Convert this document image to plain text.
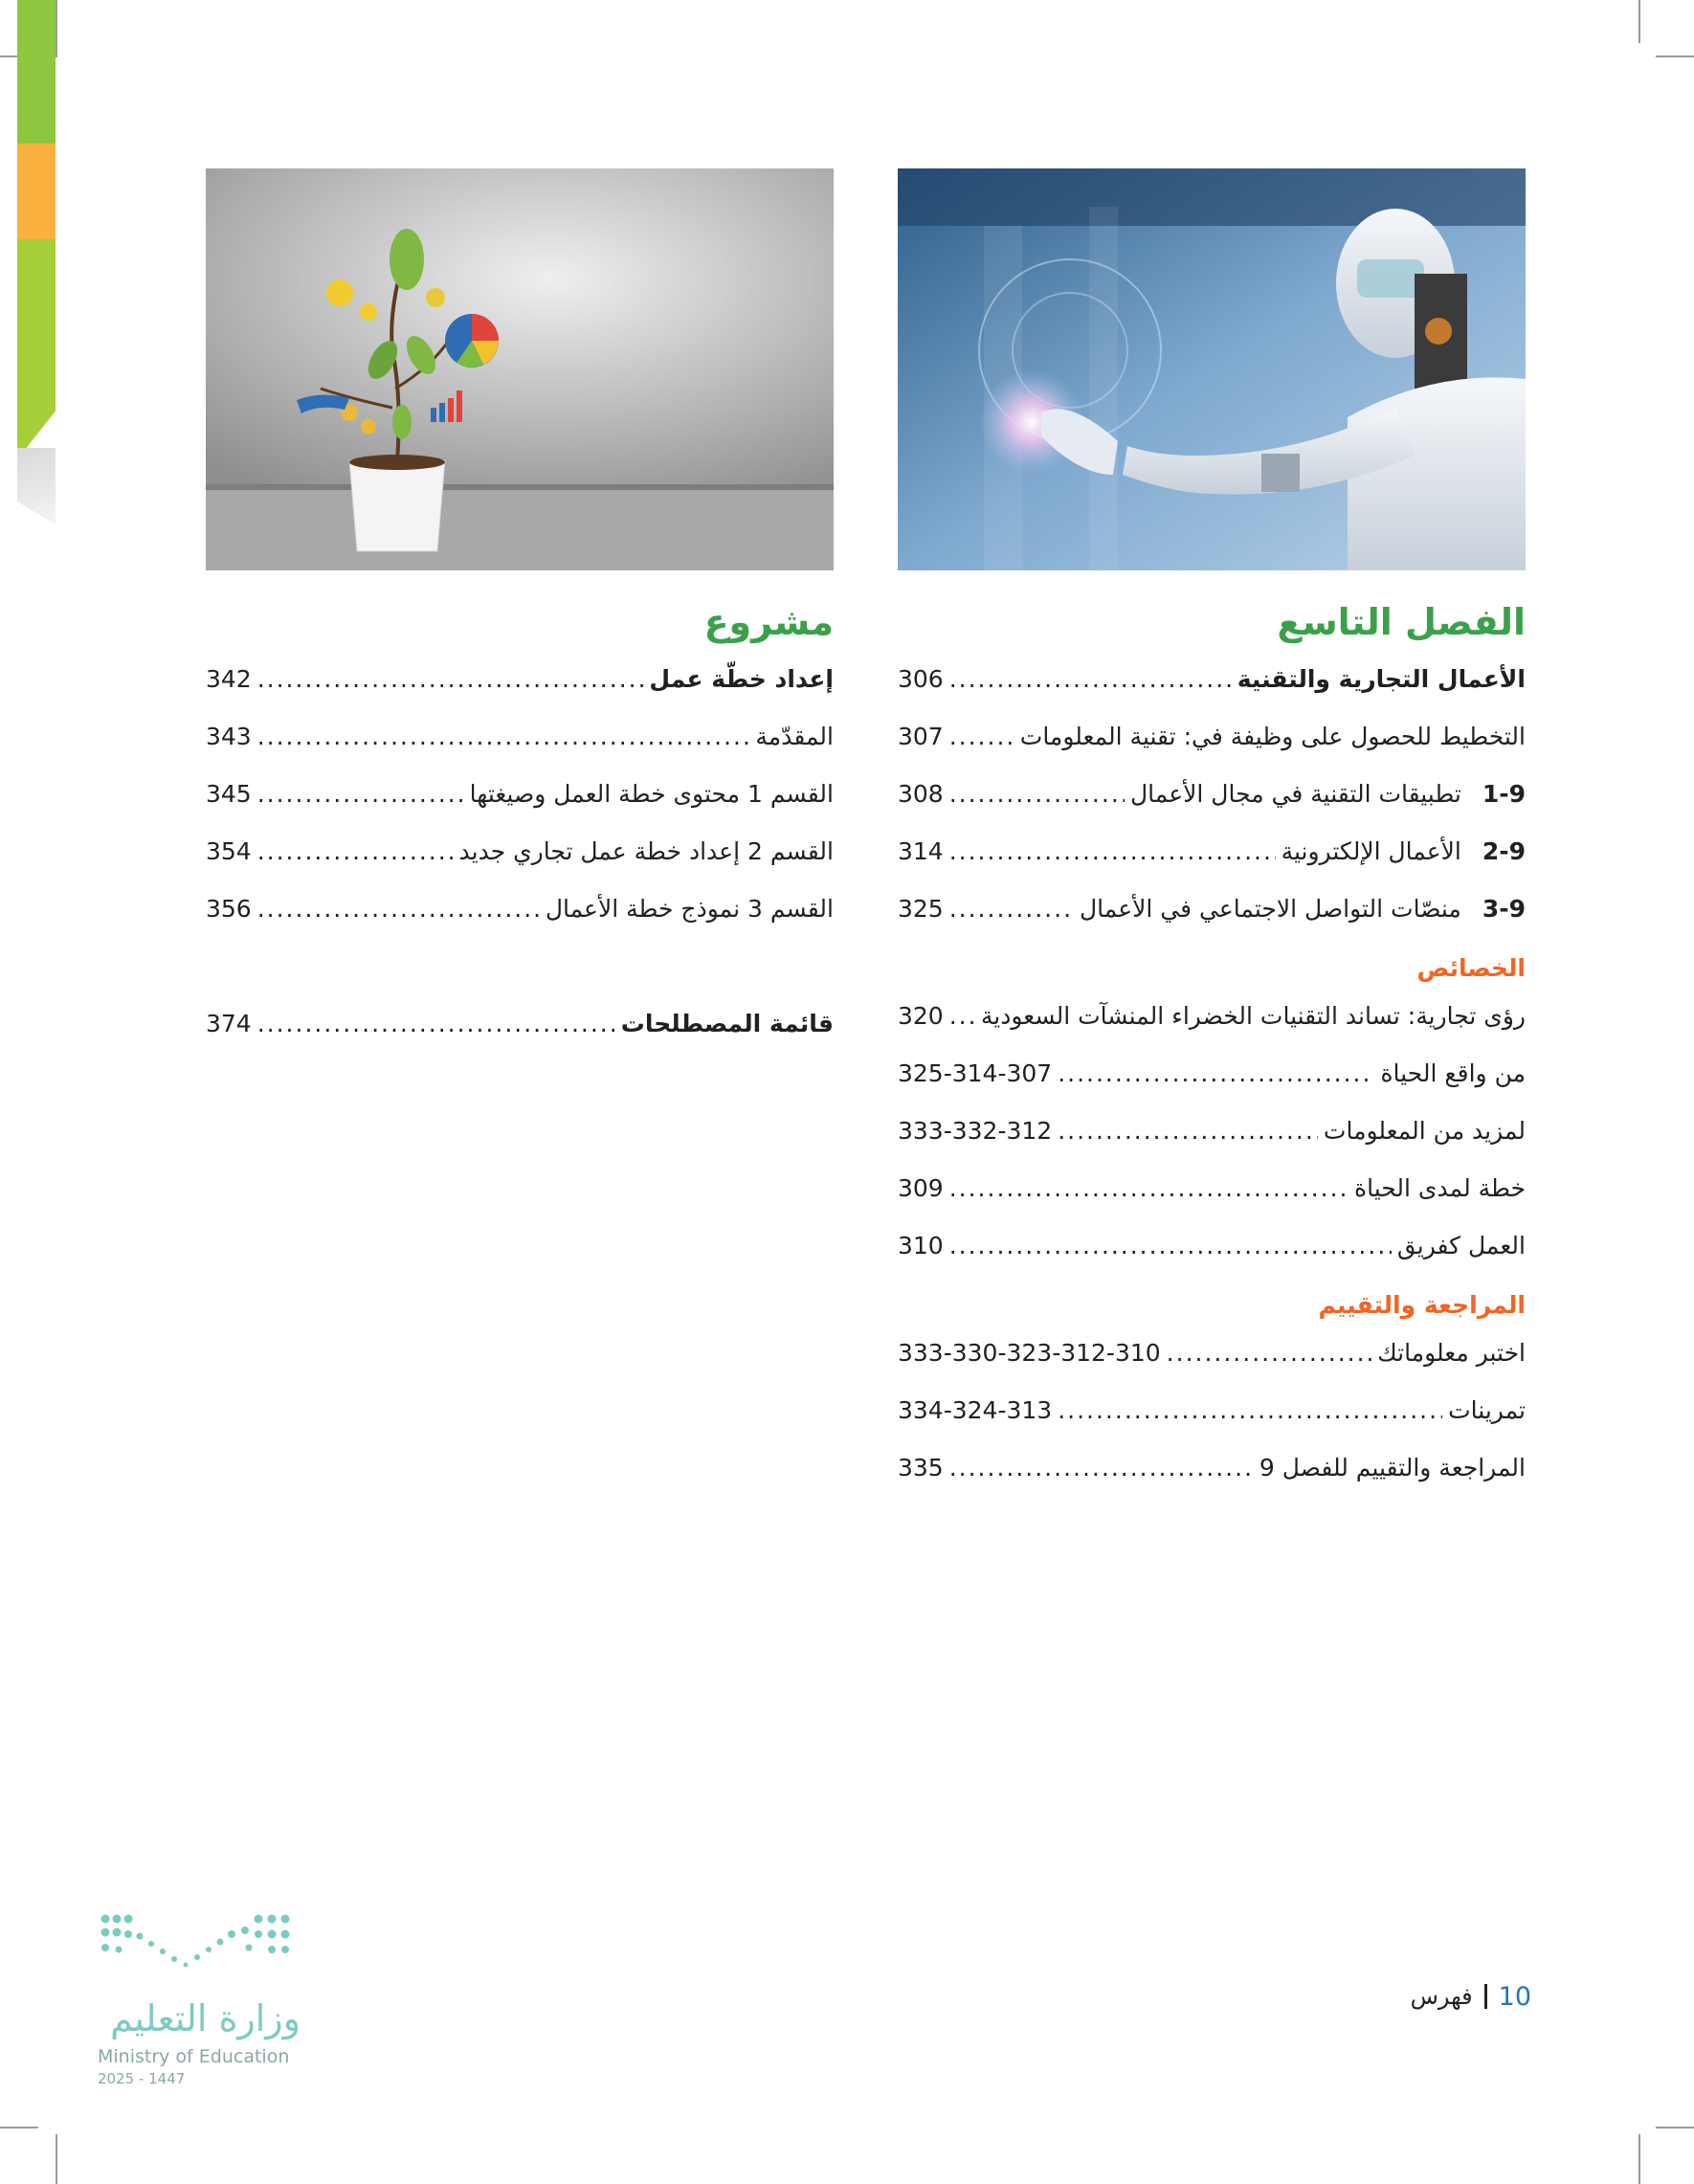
الفصل التاسع
الأعمال التجارية والتقنية
.....
306
التخطيط للحصول على وظيفة في: تقنية المعلومات
.....
307
1-9
تطبيقات التقنية في مجال الأعمال
.....
308
2-9
الأعمال الإلكترونية
.....
314
3-9
منصّات التواصل الاجتماعي في الأعمال
.....
325
الخصائص
رؤى تجارية: تساند التقنيات الخضراء المنشآت السعودية
.....
320
من واقع الحياة
.....
325-314-307
لمزيد من المعلومات
.....
333-332-312
خطة لمدى الحياة
.....
309
العمل كفريق
.....
310
المراجعة والتقييم
اختبر معلوماتك
.....
333-330-323-312-310
تمرينات
.....
334-324-313
المراجعة والتقييم للفصل 9
.....
335
مشروع
إعداد خطّة عمل
.....
342
المقدّمة
.....
343
القسم 1 محتوى خطة العمل وصيغتها
.....
345
القسم 2 إعداد خطة عمل تجاري جديد
.....
354
القسم 3 نموذج خطة الأعمال
.....
356
قائمة المصطلحات
.....
374
10
فهرس
وزارة التعليم
Ministry of Education
2025 - 1447
